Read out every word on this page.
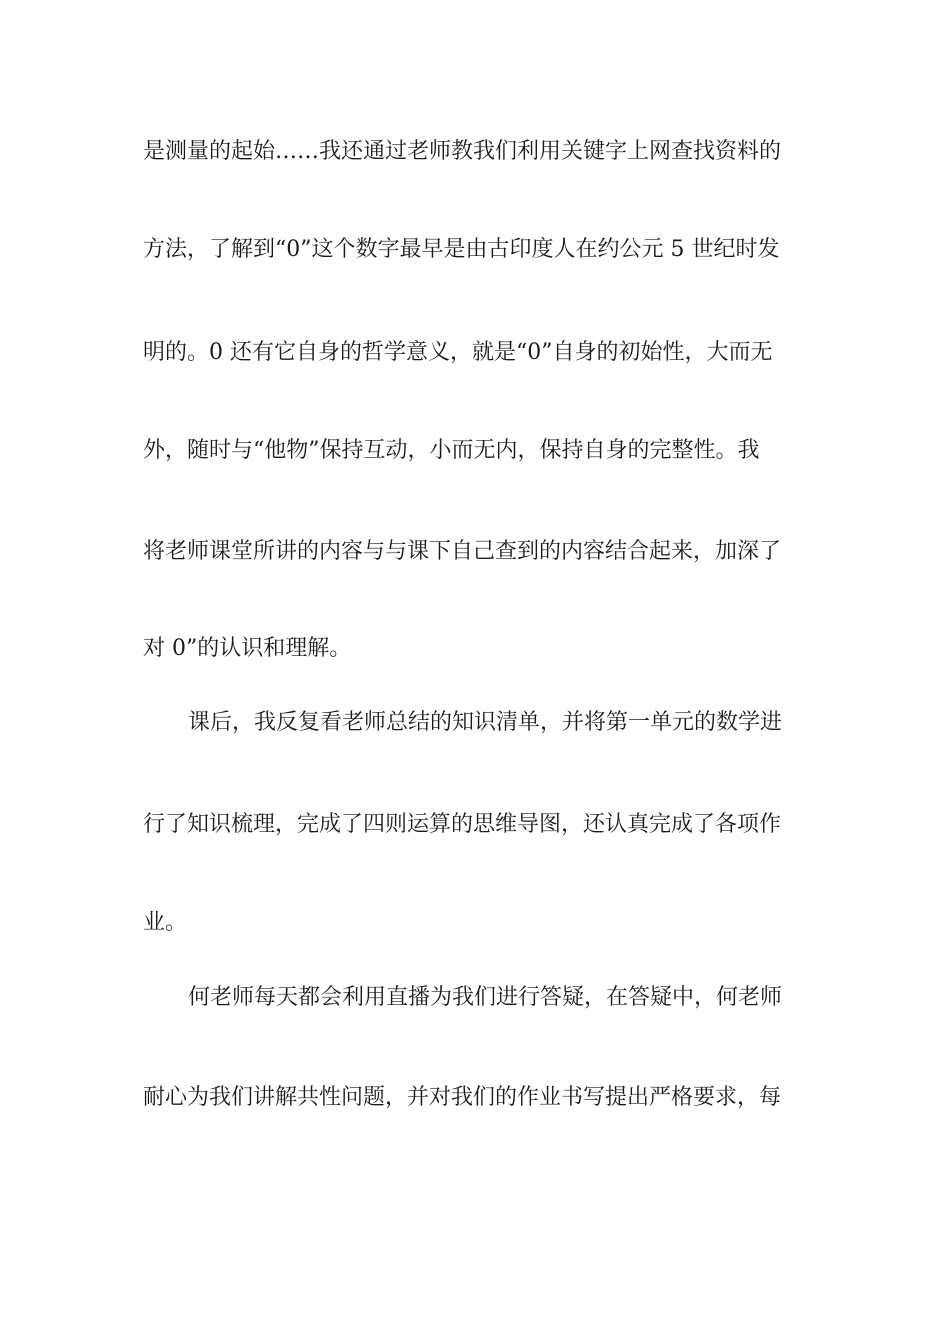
是测量的起始……我还通过老师教我们利用关键字上网查找资料的
方法，了解到“0”这个数字最早是由古印度人在约公元 5 世纪时发
明的。0 还有它自身的哲学意义，就是“0”自身的初始性，大而无
外，随时与“他物”保持互动，小而无内，保持自身的完整性。我
将老师课堂所讲的内容与与课下自己查到的内容结合起来，加深了
对 0”的认识和理解。
课后，我反复看老师总结的知识清单，并将第一单元的数学进
行了知识梳理，完成了四则运算的思维导图，还认真完成了各项作
业。
何老师每天都会利用直播为我们进行答疑，在答疑中，何老师
耐心为我们讲解共性问题，并对我们的作业书写提出严格要求，每
